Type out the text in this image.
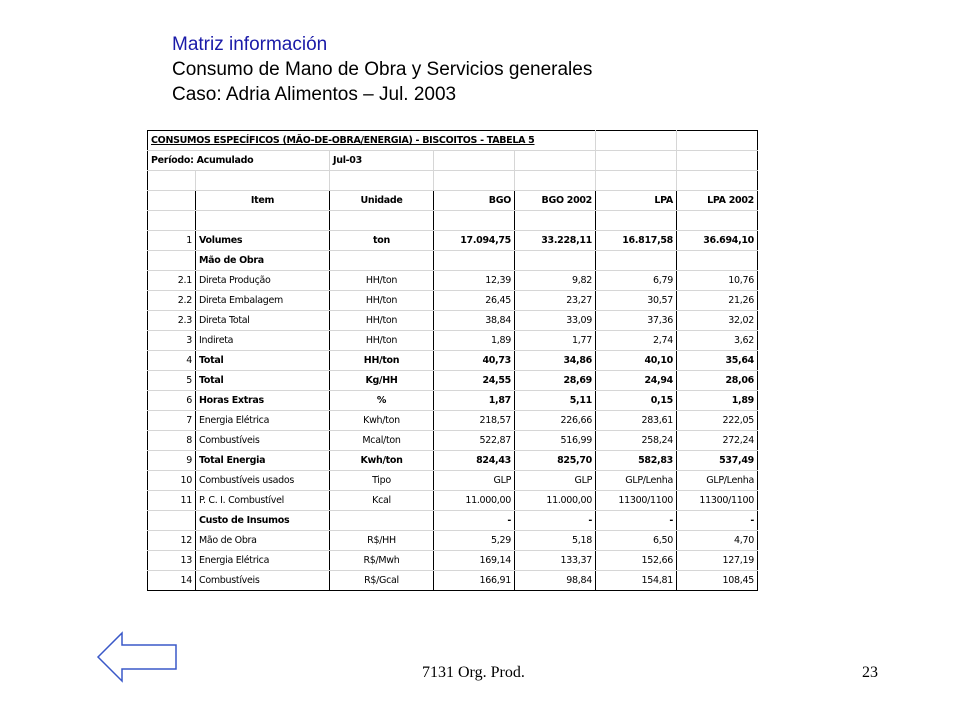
Matriz información
Consumo de Mano de Obra y Servicios generales
Caso: Adria Alimentos – Jul. 2003
CONSUMOS ESPECÍFICOS (MÃO-DE-OBRA/ENERGIA) - BISCOITOS - TABELA 5						
Período: Acumulado		Jul-03				

	Item	Unidade	BGO	BGO 2002	LPA	LPA 2002

1	Volumes	ton	17.094,75	33.228,11	16.817,58	36.694,10
	Mão de Obra					
2.1	Direta Produção	HH/ton	12,39	9,82	6,79	10,76
2.2	Direta Embalagem	HH/ton	26,45	23,27	30,57	21,26
2.3	Direta Total	HH/ton	38,84	33,09	37,36	32,02
3	Indireta	HH/ton	1,89	1,77	2,74	3,62
4	Total	HH/ton	40,73	34,86	40,10	35,64
5	Total	Kg/HH	24,55	28,69	24,94	28,06
6	Horas Extras	%	1,87	5,11	0,15	1,89
7	Energia Elétrica	Kwh/ton	218,57	226,66	283,61	222,05
8	Combustíveis	Mcal/ton	522,87	516,99	258,24	272,24
9	Total Energia	Kwh/ton	824,43	825,70	582,83	537,49
10	Combustíveis usados	Tipo	GLP	GLP	GLP/Lenha	GLP/Lenha
11	P. C. I. Combustível	Kcal	11.000,00	11.000,00	11300/1100	11300/1100
	Custo de Insumos		-	-	-	-
12	Mão de Obra	R$/HH	5,29	5,18	6,50	4,70
13	Energia Elétrica	R$/Mwh	169,14	133,37	152,66	127,19
14	Combustíveis	R$/Gcal	166,91	98,84	154,81	108,45
7131 Org. Prod.	23
